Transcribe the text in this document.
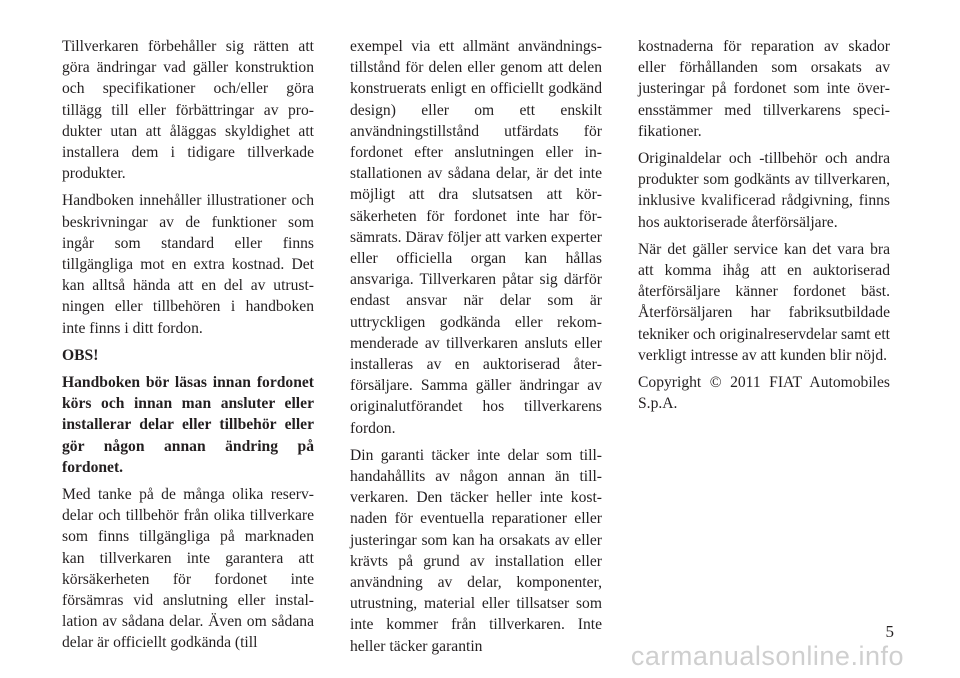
Tillverkaren förbehåller sig rätten att göra ändringar vad gäller konstruktion och specifikationer och/eller göra tillägg till eller förbättringar av produkter utan att åläggas skyldighet att installera dem i tidigare tillverkade produkter.

Handboken innehåller illustrationer och beskrivningar av de funktioner som ingår som standard eller finns tillgängliga mot en extra kostnad. Det kan alltså hända att en del av utrustningen eller tillbehören i handboken inte finns i ditt fordon.

OBS!

Handboken bör läsas innan fordonet körs och innan man ansluter eller installerar delar eller tillbehör eller gör någon annan ändring på fordonet.

Med tanke på de många olika reservdelar och tillbehör från olika tillverkare som finns tillgängliga på marknaden kan tillverkaren inte garantera att körsäkerheten för fordonet inte försämras vid anslutning eller installation av sådana delar. Även om sådana delar är officiellt godkända (till

exempel via ett allmänt användningstillstånd för delen eller genom att delen konstruerats enligt en officiellt godkänd design) eller om ett enskilt användningstillstånd utfärdats för fordonet efter anslutningen eller installationen av sådana delar, är det inte möjligt att dra slutsatsen att körsäkerheten för fordonet inte har försämrats. Därav följer att varken experter eller officiella organ kan hållas ansvariga. Tillverkaren påtar sig därför endast ansvar när delar som är uttryckligen godkända eller rekommenderade av tillverkaren ansluts eller installeras av en auktoriserad återförsäljare. Samma gäller ändringar av originalutförandet hos tillverkarens fordon.

Din garanti täcker inte delar som tillhandahållits av någon annan än tillverkaren. Den täcker heller inte kostnaden för eventuella reparationer eller justeringar som kan ha orsakats av eller krävts på grund av installation eller användning av delar, komponenter, utrustning, material eller tillsatser som inte kommer från tillverkaren. Inte heller täcker garantin

kostnaderna för reparation av skador eller förhållanden som orsakats av justeringar på fordonet som inte överensstämmer med tillverkarens specifikationer.

Originaldelar och -tillbehör och andra produkter som godkänts av tillverkaren, inklusive kvalificerad rådgivning, finns hos auktoriserade återförsäljare.

När det gäller service kan det vara bra att komma ihåg att en auktoriserad återförsäljare känner fordonet bäst. Återförsäljaren har fabriksutbildade tekniker och originalreservdelar samt ett verkligt intresse av att kunden blir nöjd.

Copyright © 2011 FIAT Automobiles S.p.A.

5
carmanualsonline.info
